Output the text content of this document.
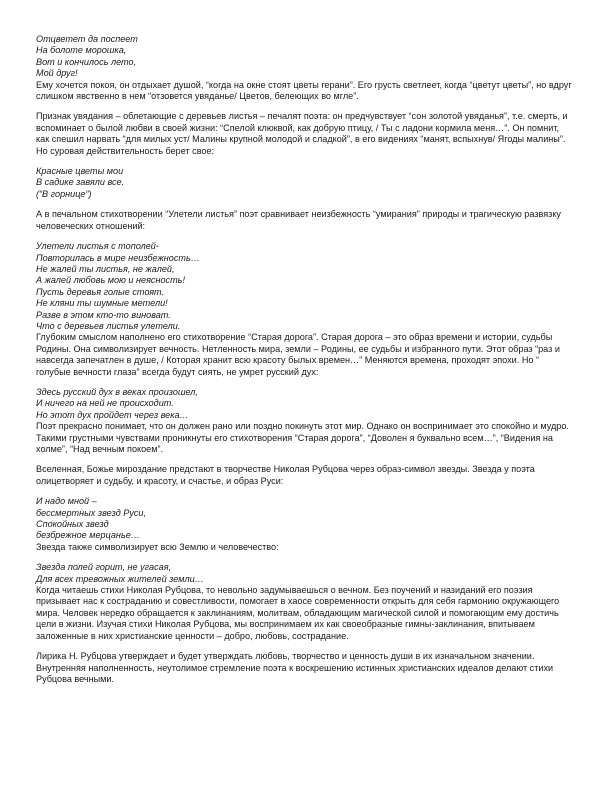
Отцветет да поспеет
На болоте морошка,
Вот и кончилось лето,
Мой друг!

Ему хочется покоя, он отдыхает душой, “когда на окне стоят цветы герани”. Его грусть светлеет, когда “цветут цветы”, но вдруг слишком явственно в нем “отзовется увяданье/ Цветов, белеющих во мгле”.

Признак увядания – облетающие с деревьев листья – печалят поэта: он предчувствует “сон золотой увяданья”, т.е. смерть, и вспоминает о былой любви в своей жизни: “Спелой клюквой, как добрую птицу, / Ты с ладони кормила меня…”. Он помнит, как спешил нарвать “для милых уст/ Малины крупной молодой и сладкой”, в его видениях “манят, вспыхнув/ Ягоды малины”. Но суровая действительность берет свое:

Красные цветы мои
В садике завяли все.
(“В горнице”)

А в печальном стихотворении “Улетели листья” поэт сравнивает неизбежность “умирания” природы и трагическую развязку человеческих отношений:

Улетели листья с тополей-
Повторилась в мире неизбежность…
Не жалей ты листья, не жалей,
А жалей любовь мою и неясность!
Пусть деревья голые стоят.
Не кляни ты шумные метели!
Разве в этом кто-то виноват.
Что с деревьев листья улетели.

Глубоким смыслом наполнено его стихотворение “Старая дорога”. Старая дорога – это образ времени и истории, судьбы Родины. Она символизирует вечность. Нетленность мира, земли – Родины, ее судьбы и избранного пути. Этот образ “раз и навсегда запечатлен в душе, / Которая хранит всю красоту былых времен…” Меняются времена, проходят эпохи. Но “ голубые вечности глаза” всегда будут сиять, не умрет русский дух:

Здесь русский дух в веках произошел,
И ничего на ней не происходит.
Но этот дух пройдет через века…

Поэт прекрасно понимает, что он должен рано или поздно покинуть этот мир. Однако он воспринимает это спокойно и мудро. Такими грустными чувствами проникнуты его стихотворения “Старая дорога”, “Доволен я буквально всем…”, “Видения на холме”, “Над вечным покоем”.

Вселенная, Божье мироздание предстают в творчестве Николая Рубцова через образ-символ звезды. Звезда у поэта олицетворяет и судьбу, и красоту, и счастье, и образ Руси:

И надо мной –
бессмертных звезд Руси,
Спокойных звезд
безбрежное мерцанье…

Звезда также символизирует всю Землю и человечество:

Звезда полей горит, не угасая,
Для всех тревожных жителей земли…

Когда читаешь стихи Николая Рубцова, то невольно задумываешься о вечном. Без поучений и назиданий его поэзия призывает нас к состраданию и совестливости, помогает в хаосе современности открыть для себя гармонию окружающего мира. Человек нередко обращается к заклинаниям, молитвам, обладающим магической силой и помогающим ему достичь цели в жизни. Изучая стихи Николая Рубцова, мы воспринимаем их как своеобразные гимны-заклинания, впитываем заложенные в них христианские ценности – добро, любовь, сострадание.

Лирика Н. Рубцова утверждает и будет утверждать любовь, творчество и ценность души в их изначальном значении. Внутренняя наполненность, неутолимое стремление поэта к воскрешению истинных христианских идеалов делают стихи Рубцова вечными.
